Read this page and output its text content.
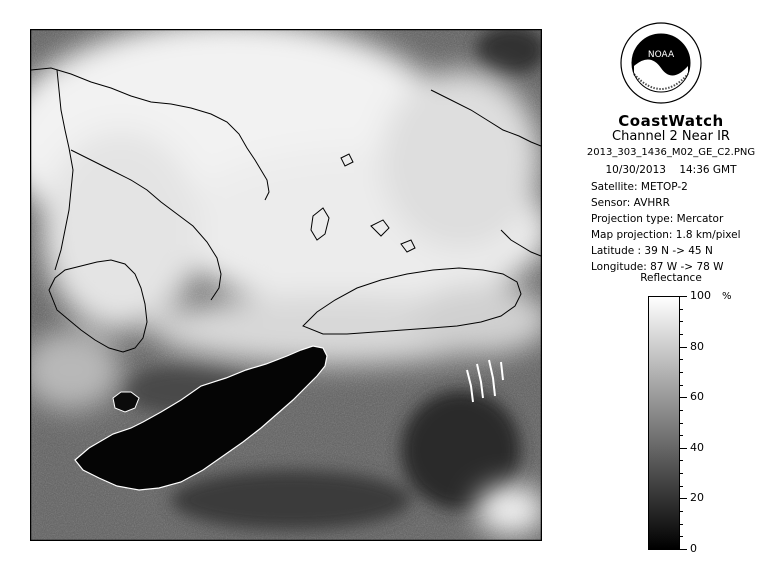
NOAA
CoastWatch
Channel 2 Near IR
2013_303_1436_M02_GE_C2.PNG
10/30/2013    14:36 GMT
Satellite: METOP-2
Sensor: AVHRR
Projection type: Mercator
Map projection: 1.8 km/pixel
Latitude : 39 N -> 45 N
Longitude: 87 W -> 78 W
Reflectance
%
100
80
60
40
20
0
